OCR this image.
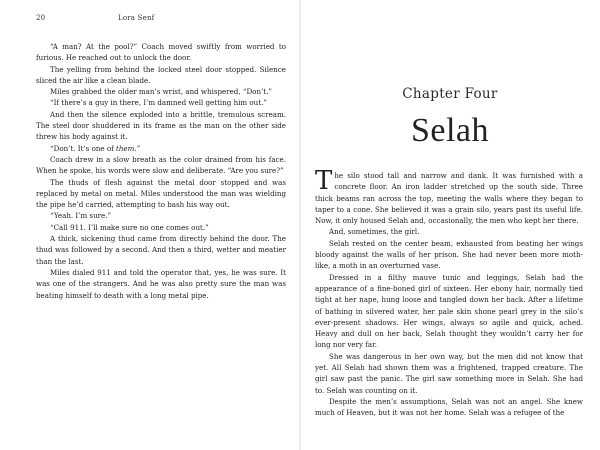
20	Lora Senf

“A man? At the pool?” Coach moved swiftly from worried to furious. He reached out to unlock the door.

The yelling from behind the locked steel door stopped. Silence sliced the air like a clean blade.

Miles grabbed the older man’s wrist, and whispered, “Don’t.”

“If there’s a guy in there, I’m damned well getting him out.”

And then the silence exploded into a brittle, tremulous scream. The steel door shuddered in its frame as the man on the other side threw his body against it.

“Don’t. It’s one of them.”

Coach drew in a slow breath as the color drained from his face. When he spoke, his words were slow and deliberate. “Are you sure?”

The thuds of flesh against the metal door stopped and was replaced by metal on metal. Miles understood the man was wielding the pipe he’d carried, attempting to bash his way out.

“Yeah. I’m sure.”

“Call 911. I’ll make sure no one comes out.”

A thick, sickening thud came from directly behind the door. The thud was followed by a second. And then a third, wetter and meatier than the last.

Miles dialed 911 and told the operator that, yes, he was sure. It was one of the strangers. And he was also pretty sure the man was beating himself to death with a long metal pipe.

Chapter Four
Selah

The silo stood tall and narrow and dank. It was furnished with a concrete floor. An iron ladder stretched up the south side. Three thick beams ran across the top, meeting the walls where they began to taper to a cone. She believed it was a grain silo, years past its useful life. Now, it only housed Selah and, occasionally, the men who kept her there.

And, sometimes, the girl.

Selah rested on the center beam, exhausted from beating her wings bloody against the walls of her prison. She had never been more moth-like, a moth in an overturned vase.

Dressed in a filthy mauve tunic and leggings, Selah had the appearance of a fine-boned girl of sixteen. Her ebony hair, normally tied tight at her nape, hung loose and tangled down her back. After a lifetime of bathing in silvered water, her pale skin shone pearl grey in the silo’s ever-present shadows. Her wings, always so agile and quick, ached. Heavy and dull on her back, Selah thought they wouldn’t carry her for long nor very far.

She was dangerous in her own way, but the men did not know that yet. All Selah had shown them was a frightened, trapped creature. The girl saw past the panic. The girl saw something more in Selah. She had to. Selah was counting on it.

Despite the men’s assumptions, Selah was not an angel. She knew much of Heaven, but it was not her home. Selah was a refugee of the
